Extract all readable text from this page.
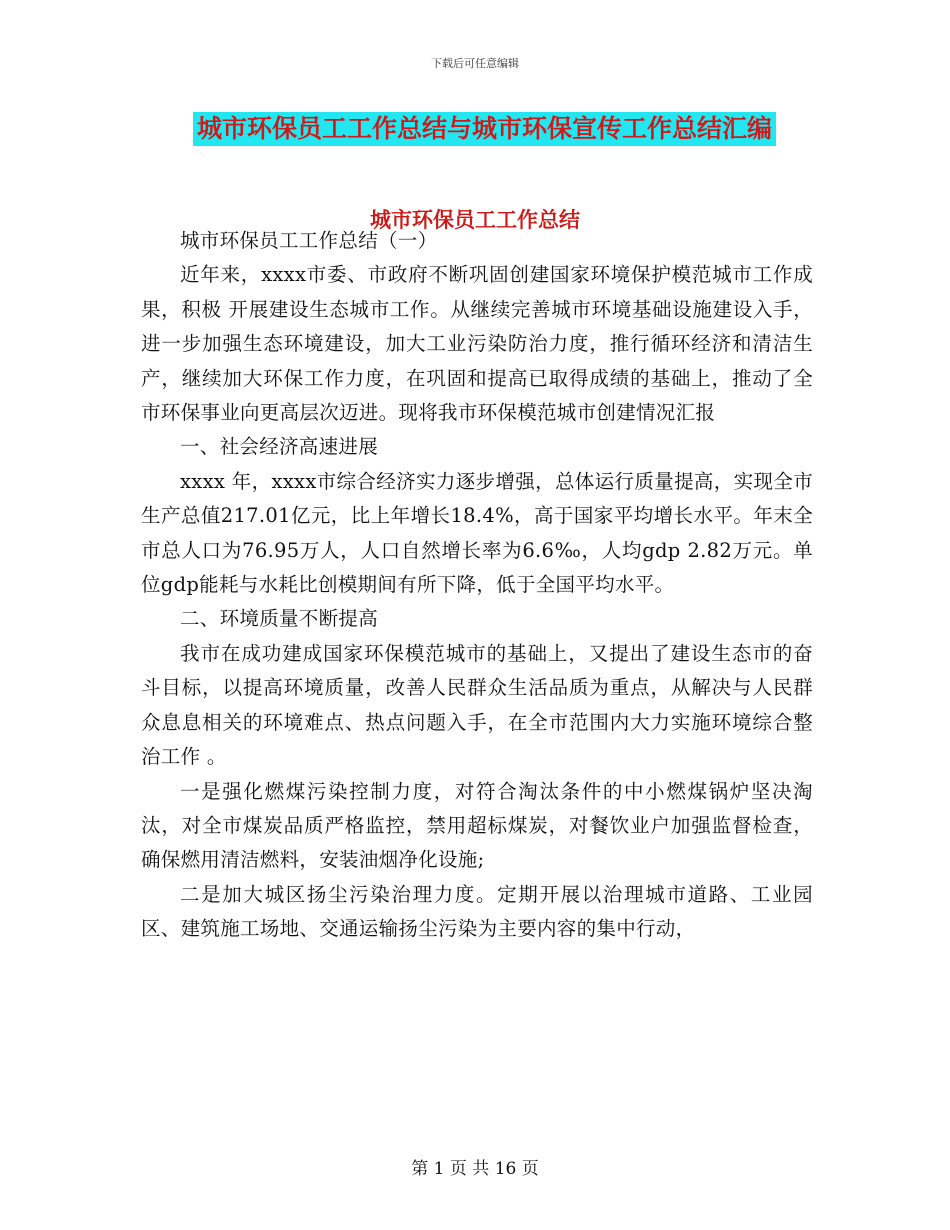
下载后可任意编辑
城市环保员工工作总结与城市环保宣传工作总结汇编
城市环保员工工作总结

城市环保员工工作总结（一）

近年来，xxxx市委、市政府不断巩固创建国家环境保护模范城市工作成果，积极 开展建设生态城市工作。从继续完善城市环境基础设施建设入手，进一步加强生态环境建设，加大工业污染防治力度，推行循环经济和清洁生产，继续加大环保工作力度，在巩固和提高已取得成绩的基础上，推动了全市环保事业向更高层次迈进。现将我市环保模范城市创建情况汇报

一、社会经济高速进展

xxxx 年，xxxx市综合经济实力逐步增强，总体运行质量提高，实现全市生产总值217.01亿元，比上年增长18.4%，高于国家平均增长水平。年末全市总人口为76.95万人，人口自然增长率为6.6‰，人均gdp 2.82万元。单位gdp能耗与水耗比创模期间有所下降，低于全国平均水平。

二、环境质量不断提高

我市在成功建成国家环保模范城市的基础上，又提出了建设生态市的奋斗目标，以提高环境质量，改善人民群众生活品质为重点，从解决与人民群众息息相关的环境难点、热点问题入手，在全市范围内大力实施环境综合整治工作 。

一是强化燃煤污染控制力度，对符合淘汰条件的中小燃煤锅炉坚决淘汰，对全市煤炭品质严格监控，禁用超标煤炭，对餐饮业户加强监督检查，确保燃用清洁燃料，安装油烟净化设施;

二是加大城区扬尘污染治理力度。定期开展以治理城市道路、工业园区、建筑施工场地、交通运输扬尘污染为主要内容的集中行动，

第 1 页 共 16 页
